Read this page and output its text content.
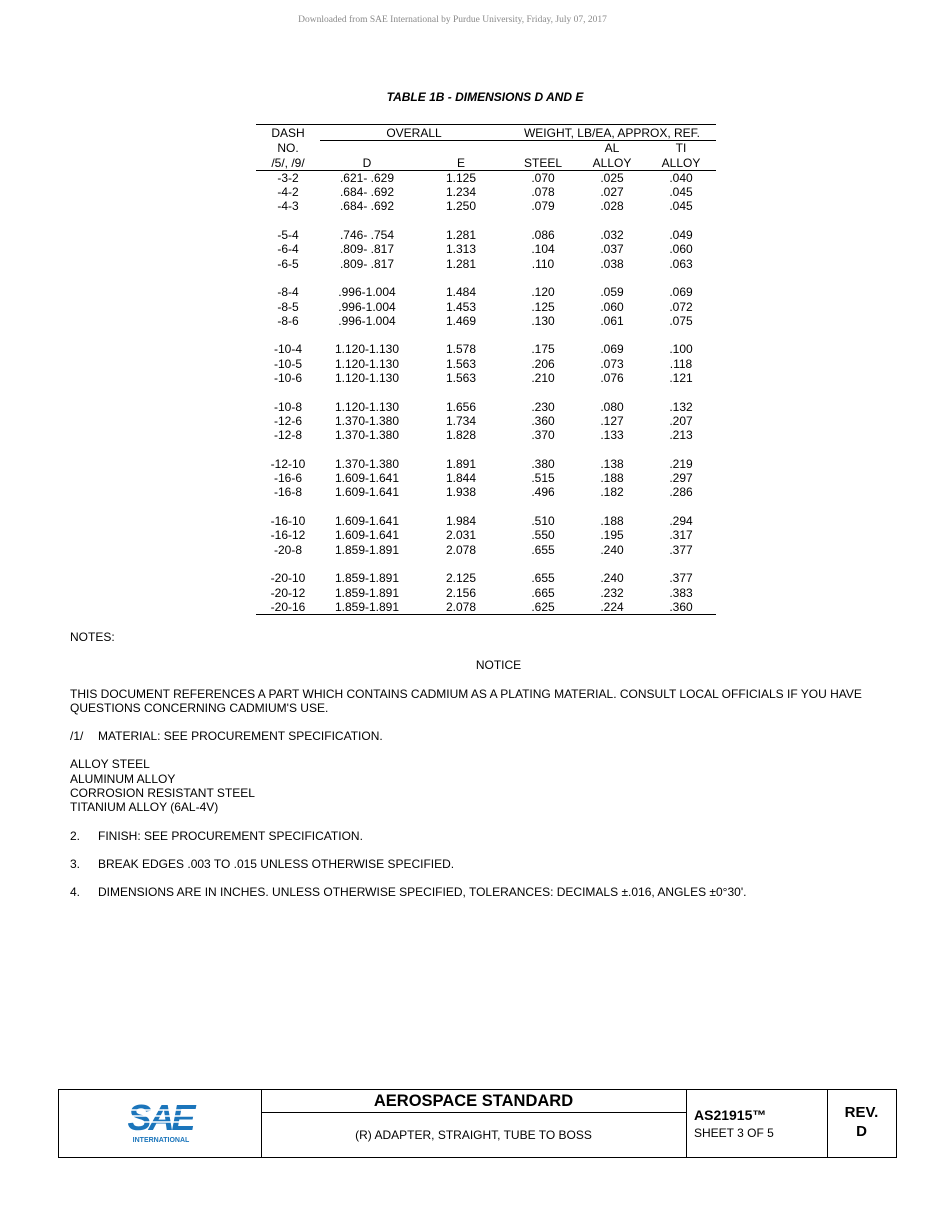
Downloaded from SAE International by Purdue University, Friday, July 07, 2017
TABLE 1B - DIMENSIONS D AND E
DASH	OVERALL		WEIGHT, LB/EA, APPROX, REF.		
NO.				AL	TI
/5/, /9/	D	E	STEEL	ALLOY	ALLOY
-3-2	.621- .629	1.125	.070	.025	.040
-4-2	.684- .692	1.234	.078	.027	.045
-4-3	.684- .692	1.250	.079	.028	.045

-5-4	.746- .754	1.281	.086	.032	.049
-6-4	.809- .817	1.313	.104	.037	.060
-6-5	.809- .817	1.281	.110	.038	.063

-8-4	.996-1.004	1.484	.120	.059	.069
-8-5	.996-1.004	1.453	.125	.060	.072
-8-6	.996-1.004	1.469	.130	.061	.075

-10-4	1.120-1.130	1.578	.175	.069	.100
-10-5	1.120-1.130	1.563	.206	.073	.118
-10-6	1.120-1.130	1.563	.210	.076	.121

-10-8	1.120-1.130	1.656	.230	.080	.132
-12-6	1.370-1.380	1.734	.360	.127	.207
-12-8	1.370-1.380	1.828	.370	.133	.213

-12-10	1.370-1.380	1.891	.380	.138	.219
-16-6	1.609-1.641	1.844	.515	.188	.297
-16-8	1.609-1.641	1.938	.496	.182	.286

-16-10	1.609-1.641	1.984	.510	.188	.294
-16-12	1.609-1.641	2.031	.550	.195	.317
-20-8	1.859-1.891	2.078	.655	.240	.377

-20-10	1.859-1.891	2.125	.655	.240	.377
-20-12	1.859-1.891	2.156	.665	.232	.383
-20-16	1.859-1.891	2.078	.625	.224	.360

NOTES:

NOTICE

THIS DOCUMENT REFERENCES A PART WHICH CONTAINS CADMIUM AS A PLATING MATERIAL. CONSULT LOCAL OFFICIALS IF YOU HAVE QUESTIONS CONCERNING CADMIUM'S USE.

/1/ MATERIAL: SEE PROCUREMENT SPECIFICATION.

ALLOY STEEL

ALUMINUM ALLOY

CORROSION RESISTANT STEEL

TITANIUM ALLOY (6AL-4V)

2. FINISH: SEE PROCUREMENT SPECIFICATION.

3. BREAK EDGES .003 TO .015 UNLESS OTHERWISE SPECIFIED.

4. DIMENSIONS ARE IN INCHES. UNLESS OTHERWISE SPECIFIED, TOLERANCES: DECIMALS ±.016, ANGLES ±0°30'.

SAE
INTERNATIONAL
AEROSPACE STANDARD
(R) ADAPTER, STRAIGHT, TUBE TO BOSS
AS21915™
SHEET 3 OF 5
REV.
D
